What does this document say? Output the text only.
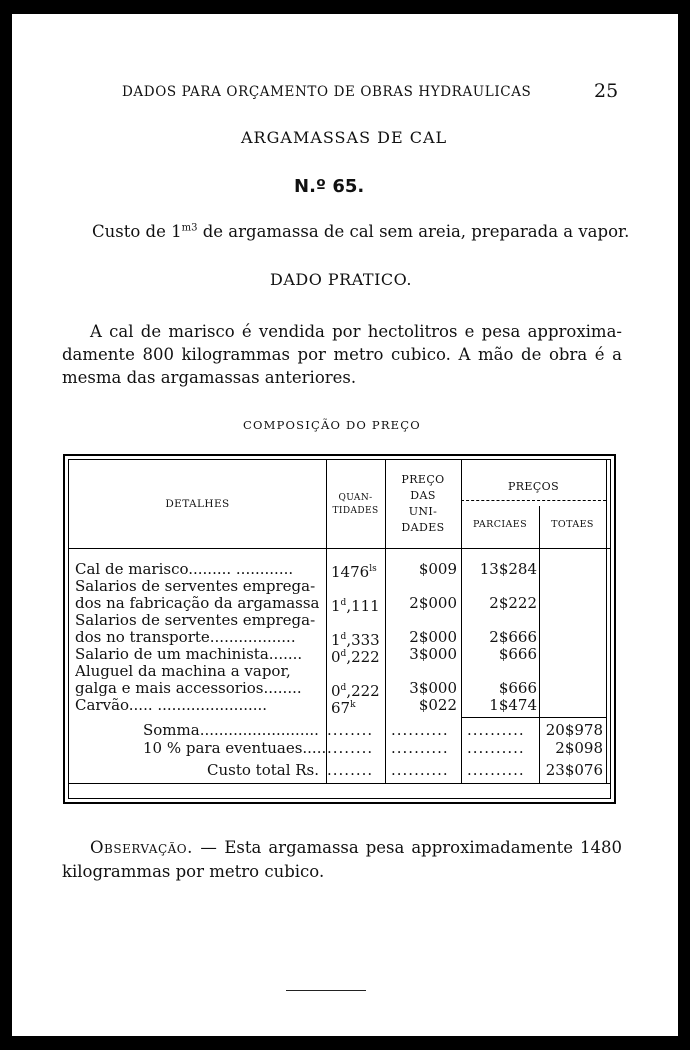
DADOS PARA ORÇAMENTO DE OBRAS HYDRAULICAS	25
ARGAMASSAS DE CAL
N.º 65.
Custo de $1^{m3}$ de argamassa de cal sem areia, preparada a vapor.
DADO PRATICO.
A cal de marisco é vendida por hectolitros e pesa approxima-
damente 800 kilogrammas por metro cubico. A mão de obra é a
mesma das argamassas anteriores.
COMPOSIÇÃO DO PREÇO
DETALHES	QUAN-
TIDADES
PREÇO
DAS
UNI-
DADES
PREÇOS
PARCIAES	TOTAES
Cal de marisco......... ............	$1476^{ls}$	$009	13$284
Salarios de serventes emprega-
dos na fabricação da argamassa 1$^d$,111	2$000	2$222
Salarios de serventes emprega-
dos no transporte..................	1$^d$,333	2$000	2$666
Salario de um machinista.......	0$^d$,222	3$000	$666
Aluguel da machina a vapor,
galga e mais accessorios........	0$^d$,222	3$000	$666
Carvão..... .......................	67$^k$	$022	1$474
Somma......................... ........	..........	..........	20$978
10 % para eventuaes..... ........	..........	..........	2$098
Custo total Rs. ........	..........	..........	23$076
Observação. — Esta argamassa pesa approximadamente 1480
kilogrammas por metro cubico.
